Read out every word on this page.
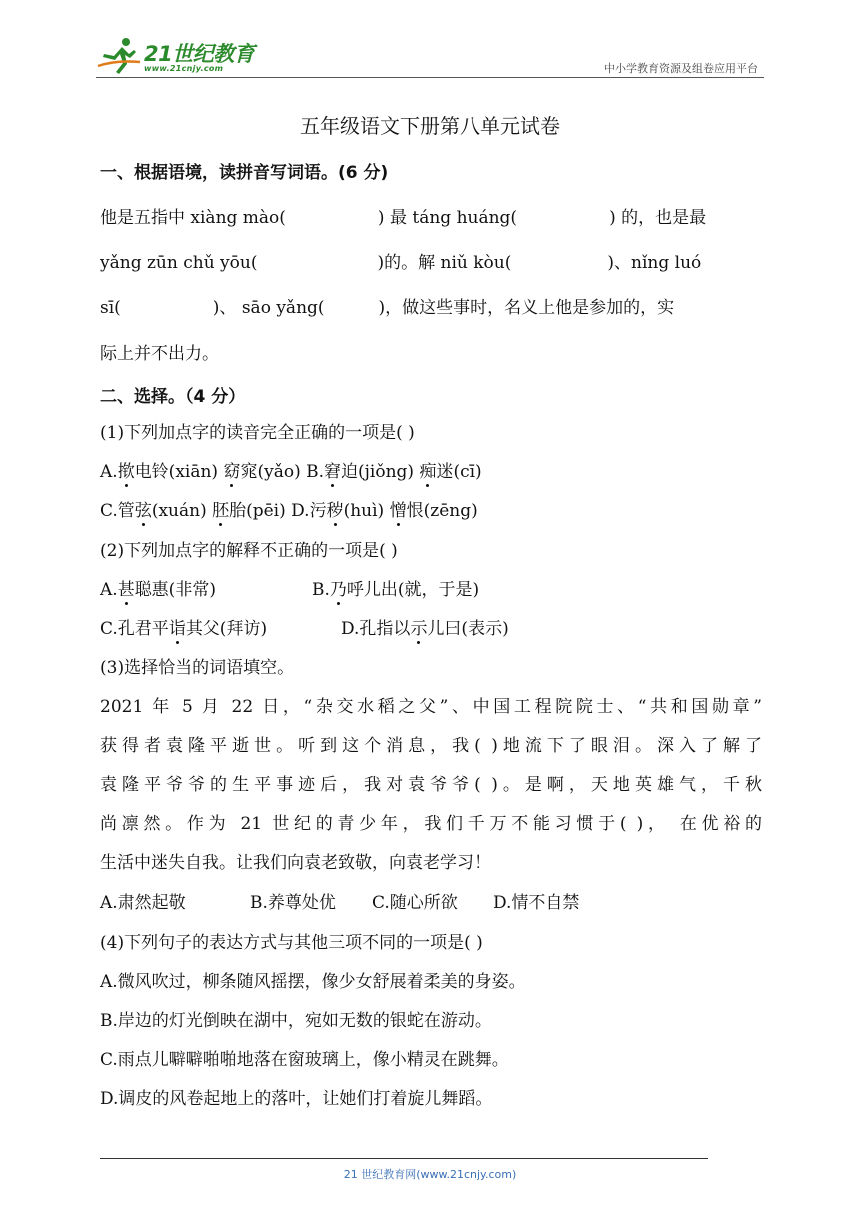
21世纪教育
www.21cnjy.com	中小学教育资源及组卷应用平台
五年级语文下册第八单元试卷
一、根据语境，读拼音写词语。(6 分)
他是五指中 xiàng mào(	) 最 táng huáng(	) 的，也是最
yǎng zūn chǔ yōu(	)的。解 niǔ kòu(	)、nǐng luó
sī(	)、 sāo yǎng(	)，做这些事时，名义上他是参加的，实
际上并不出力。
二、选择。（4 分）
(1)下列加点字的读音完全正确的一项是( )
A.揿电铃(xiān) 窈窕(yǎo) B.窘迫(jiǒng) 痴迷(cī)
C.管弦(xuán) 胚胎(pēi) D.污秽(huì) 憎恨(zēng)
(2)下列加点字的解释不正确的一项是( )
A.甚聪惠(非常)	B.乃呼儿出(就，于是)
C.孔君平诣其父(拜访)	D.孔指以示儿曰(表示)
(3)选择恰当的词语填空。
2021 年 5 月 22 日，“杂交水稻之父”、中国工程院院士、“共和国勋章”
获得者袁隆平逝世。听到这个消息，我( )地流下了眼泪。深入了解了
袁隆平爷爷的生平事迹后，我对袁爷爷( )。是啊，天地英雄气，千秋
尚凛然。作为 21 世纪的青少年，我们千万不能习惯于( )， 在优裕的
生活中迷失自我。让我们向袁老致敬，向袁老学习！
A.肃然起敬	B.养尊处优 C.随心所欲 D.情不自禁
(4)下列句子的表达方式与其他三项不同的一项是( )
A.微风吹过，柳条随风摇摆，像少女舒展着柔美的身姿。
B.岸边的灯光倒映在湖中，宛如无数的银蛇在游动。
C.雨点儿噼噼啪啪地落在窗玻璃上，像小精灵在跳舞。
D.调皮的风卷起地上的落叶，让她们打着旋儿舞蹈。
21 世纪教育网(www.21cnjy.com)
